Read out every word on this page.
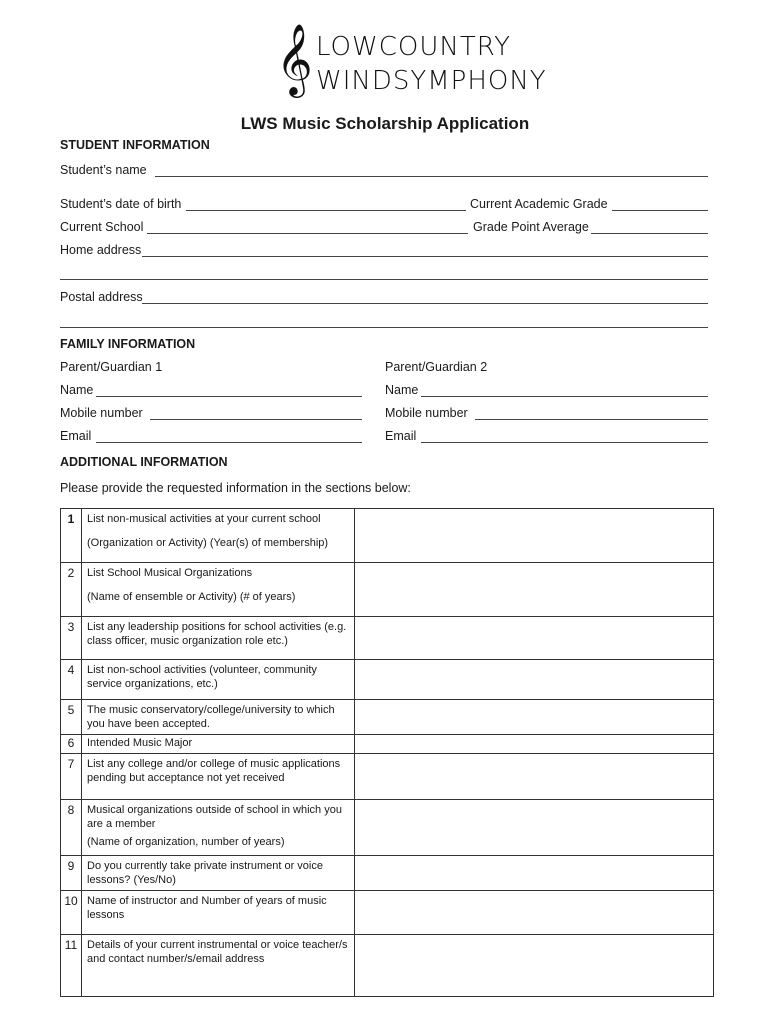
𝄞 LOWCOUNTRY
WINDSYMPHONY
LWS Music Scholarship Application
STUDENT INFORMATION
Student’s name
Student’s date of birth	Current Academic Grade
Current School	Grade Point Average
Home address
Postal address
FAMILY INFORMATION
Parent/Guardian 1	Parent/Guardian 2
Name	Name
Mobile number	Mobile number
Email	Email
ADDITIONAL INFORMATION
Please provide the requested information in the sections below:
1	List non-musical activities at your current school
(Organization or Activity) (Year(s) of membership)	

2	List School Musical Organizations
(Name of ensemble or Activity) (# of years)	

3	List any leadership positions for school activities (e.g. class officer, music organization role etc.)	
4	List non-school activities (volunteer, community service organizations, etc.)	
5	The music conservatory/college/university to which you have been accepted.	
6	Intended Music Major	
7	List any college and/or college of music applications pending but acceptance not yet received	
8	Musical organizations outside of school in which you are a member
(Name of organization, number of years)	

9	Do you currently take private instrument or voice lessons? (Yes/No)	
10	Name of instructor and Number of years of music lessons	
11	Details of your current instrumental or voice teacher/s and contact number/s/email address	
